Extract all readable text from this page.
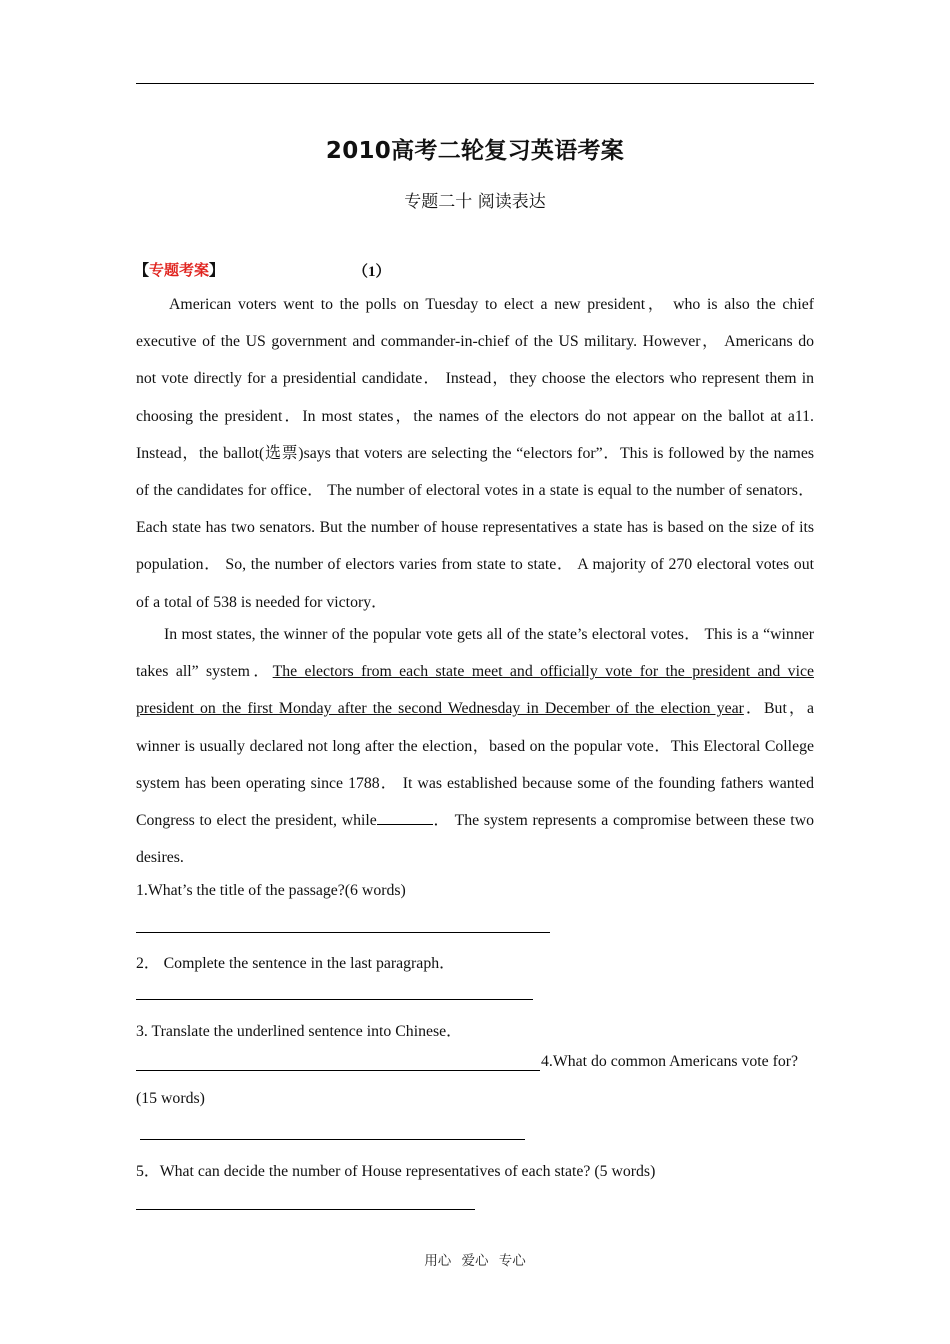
2010高考二轮复习英语考案
专题二十 阅读表达
【专题考案】	（1）

American voters went to the polls on Tuesday to elect a new president， who is also the chief executive of the US government and commander-in-chief of the US military. However， Americans do not vote directly for a presidential candidate． Instead，they choose the electors who represent them in choosing the president．In most states，the names of the electors do not appear on the ballot at a11. Instead，the ballot(选票)says that voters are selecting the “electors for”．This is followed by the names of the candidates for office． The number of electoral votes in a state is equal to the number of senators．Each state has two senators. But the number of house representatives a state has is based on the size of its population． So, the number of electors varies from state to state． A majority of 270 electoral votes out of a total of 538 is needed for victory．

In most states, the winner of the popular vote gets all of the state’s electoral votes． This is a “winner takes all” system．The electors from each state meet and officially vote for the president and vice president on the first Monday after the second Wednesday in December of the election year．But，a winner is usually declared not long after the election，based on the popular vote．This Electoral College system has been operating since 1788． It was established because some of the founding fathers wanted Congress to elect the president, while	． The system represents a compromise between these two desires.

1.What’s the title of the passage?(6 words)
2． Complete the sentence in the last paragraph．
3. Translate the underlined sentence into Chinese．
4.What do common Americans vote for?
(15 words)
5．What can decide the number of House representatives of each state? (5 words)
用心 爱心 专心
